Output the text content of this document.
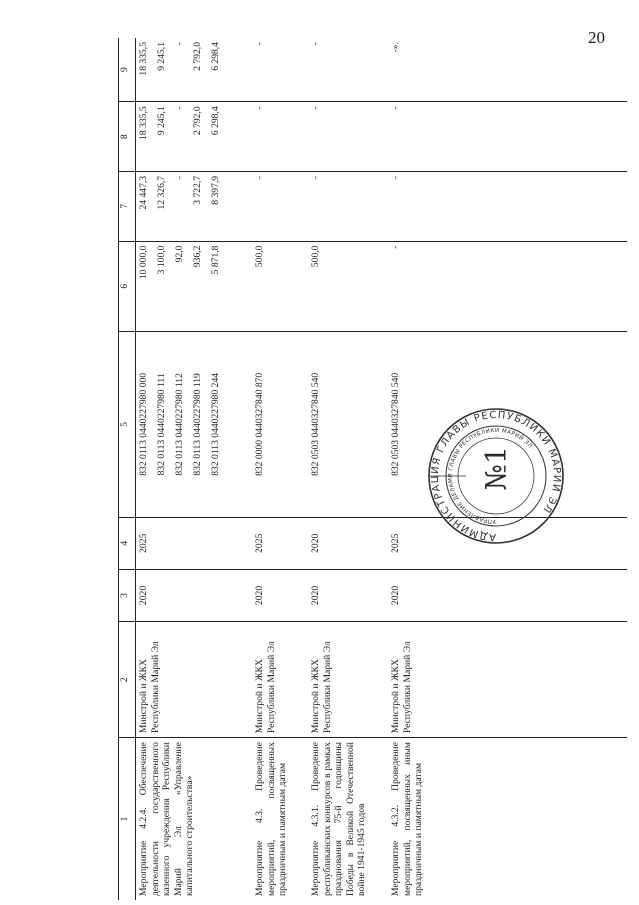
20
1	2	3	4	5	6	7	8	9
Мероприятие 4.2.4. Обеспечение деятельности государственного казенного учреждения Республики Марий Эл «Управление капитального строительства»	Минстрой и ЖКХ Республики Марий Эл	2020	2025	832 0113 0440227980 000 832 0113 0440227980 111 832 0113 0440227980 112 832 0113 0440227980 119 832 0113 0440227980 244	10 000,0 3 100,0 92,0 936,2 5 871,8	24 447,3 12 326,7 - 3 722,7 8 397,9	18 335,5 9 245,1 - 2 792,0 6 298,4	18 335,5 9 245,1 - 2 792,0 6 298,4

Мероприятие 4.3. Проведение мероприятий, посвященных праздничным и памятным датам	Минстрой и ЖКХ Республики Марий Эл	2020	2025	832 0000 0440327840 870	500,0	-	-	-
Мероприятие 4.3.1. Проведение республиканских конкурсов в рамках празднования 75-й годовщины Победы в Великой Отечественной войне 1941-1945 годов	Минстрой и ЖКХ Республики Марий Эл	2020	2020	832 0503 0440327840 540	500,0	-	-	-
Мероприятие 4.3.2. Проведение мероприятий, посвященных иным праздничным и памятным датам	Минстрой и ЖКХ Республики Марий Эл	2020	2025	832 0503 0440327840 540	-	-	-	-».
АДМИНИСТРАЦИЯ ГЛАВЫ РЕСПУБЛИКИ МАРИЙ ЭЛ
УПРАВЛЕНИЕ ДЕЛАМИ ГЛАВЫ РЕСПУБЛИКИ МАРИЙ ЭЛ
№1
